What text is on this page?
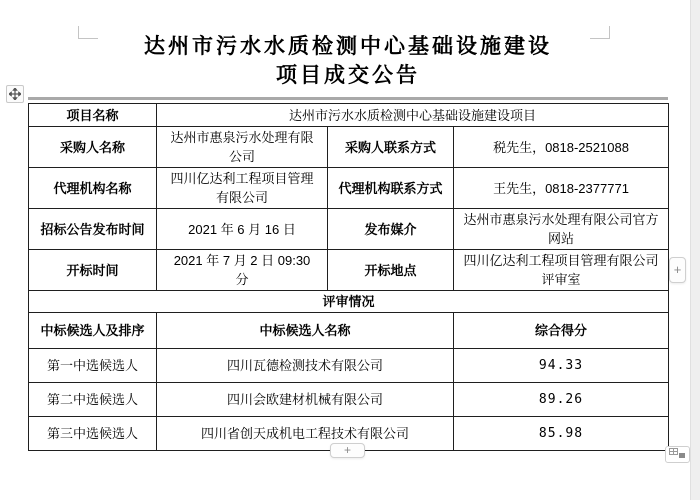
达州市污水水质检测中心基础设施建设
项目成交公告
项目名称	达州市污水水质检测中心基础设施建设项目		
采购人名称	达州市惠泉污水处理有限公司	采购人联系方式	税先生，0818-2521088
代理机构名称	四川亿达利工程项目管理有限公司	代理机构联系方式	王先生，0818-2377771
招标公告发布时间	2021 年 6 月 16 日	发布媒介	达州市惠泉污水处理有限公司官方网站
开标时间	2021 年 7 月 2 日 09:30 分	开标地点	四川亿达利工程项目管理有限公司评审室
评审情况			
中标候选人及排序	中标候选人名称		综合得分
第一中选候选人	四川瓦德检测技术有限公司		94.33
第二中选候选人	四川会欧建材机械有限公司		89.26
第三中选候选人	四川省创天成机电工程技术有限公司		85.98
+
+
